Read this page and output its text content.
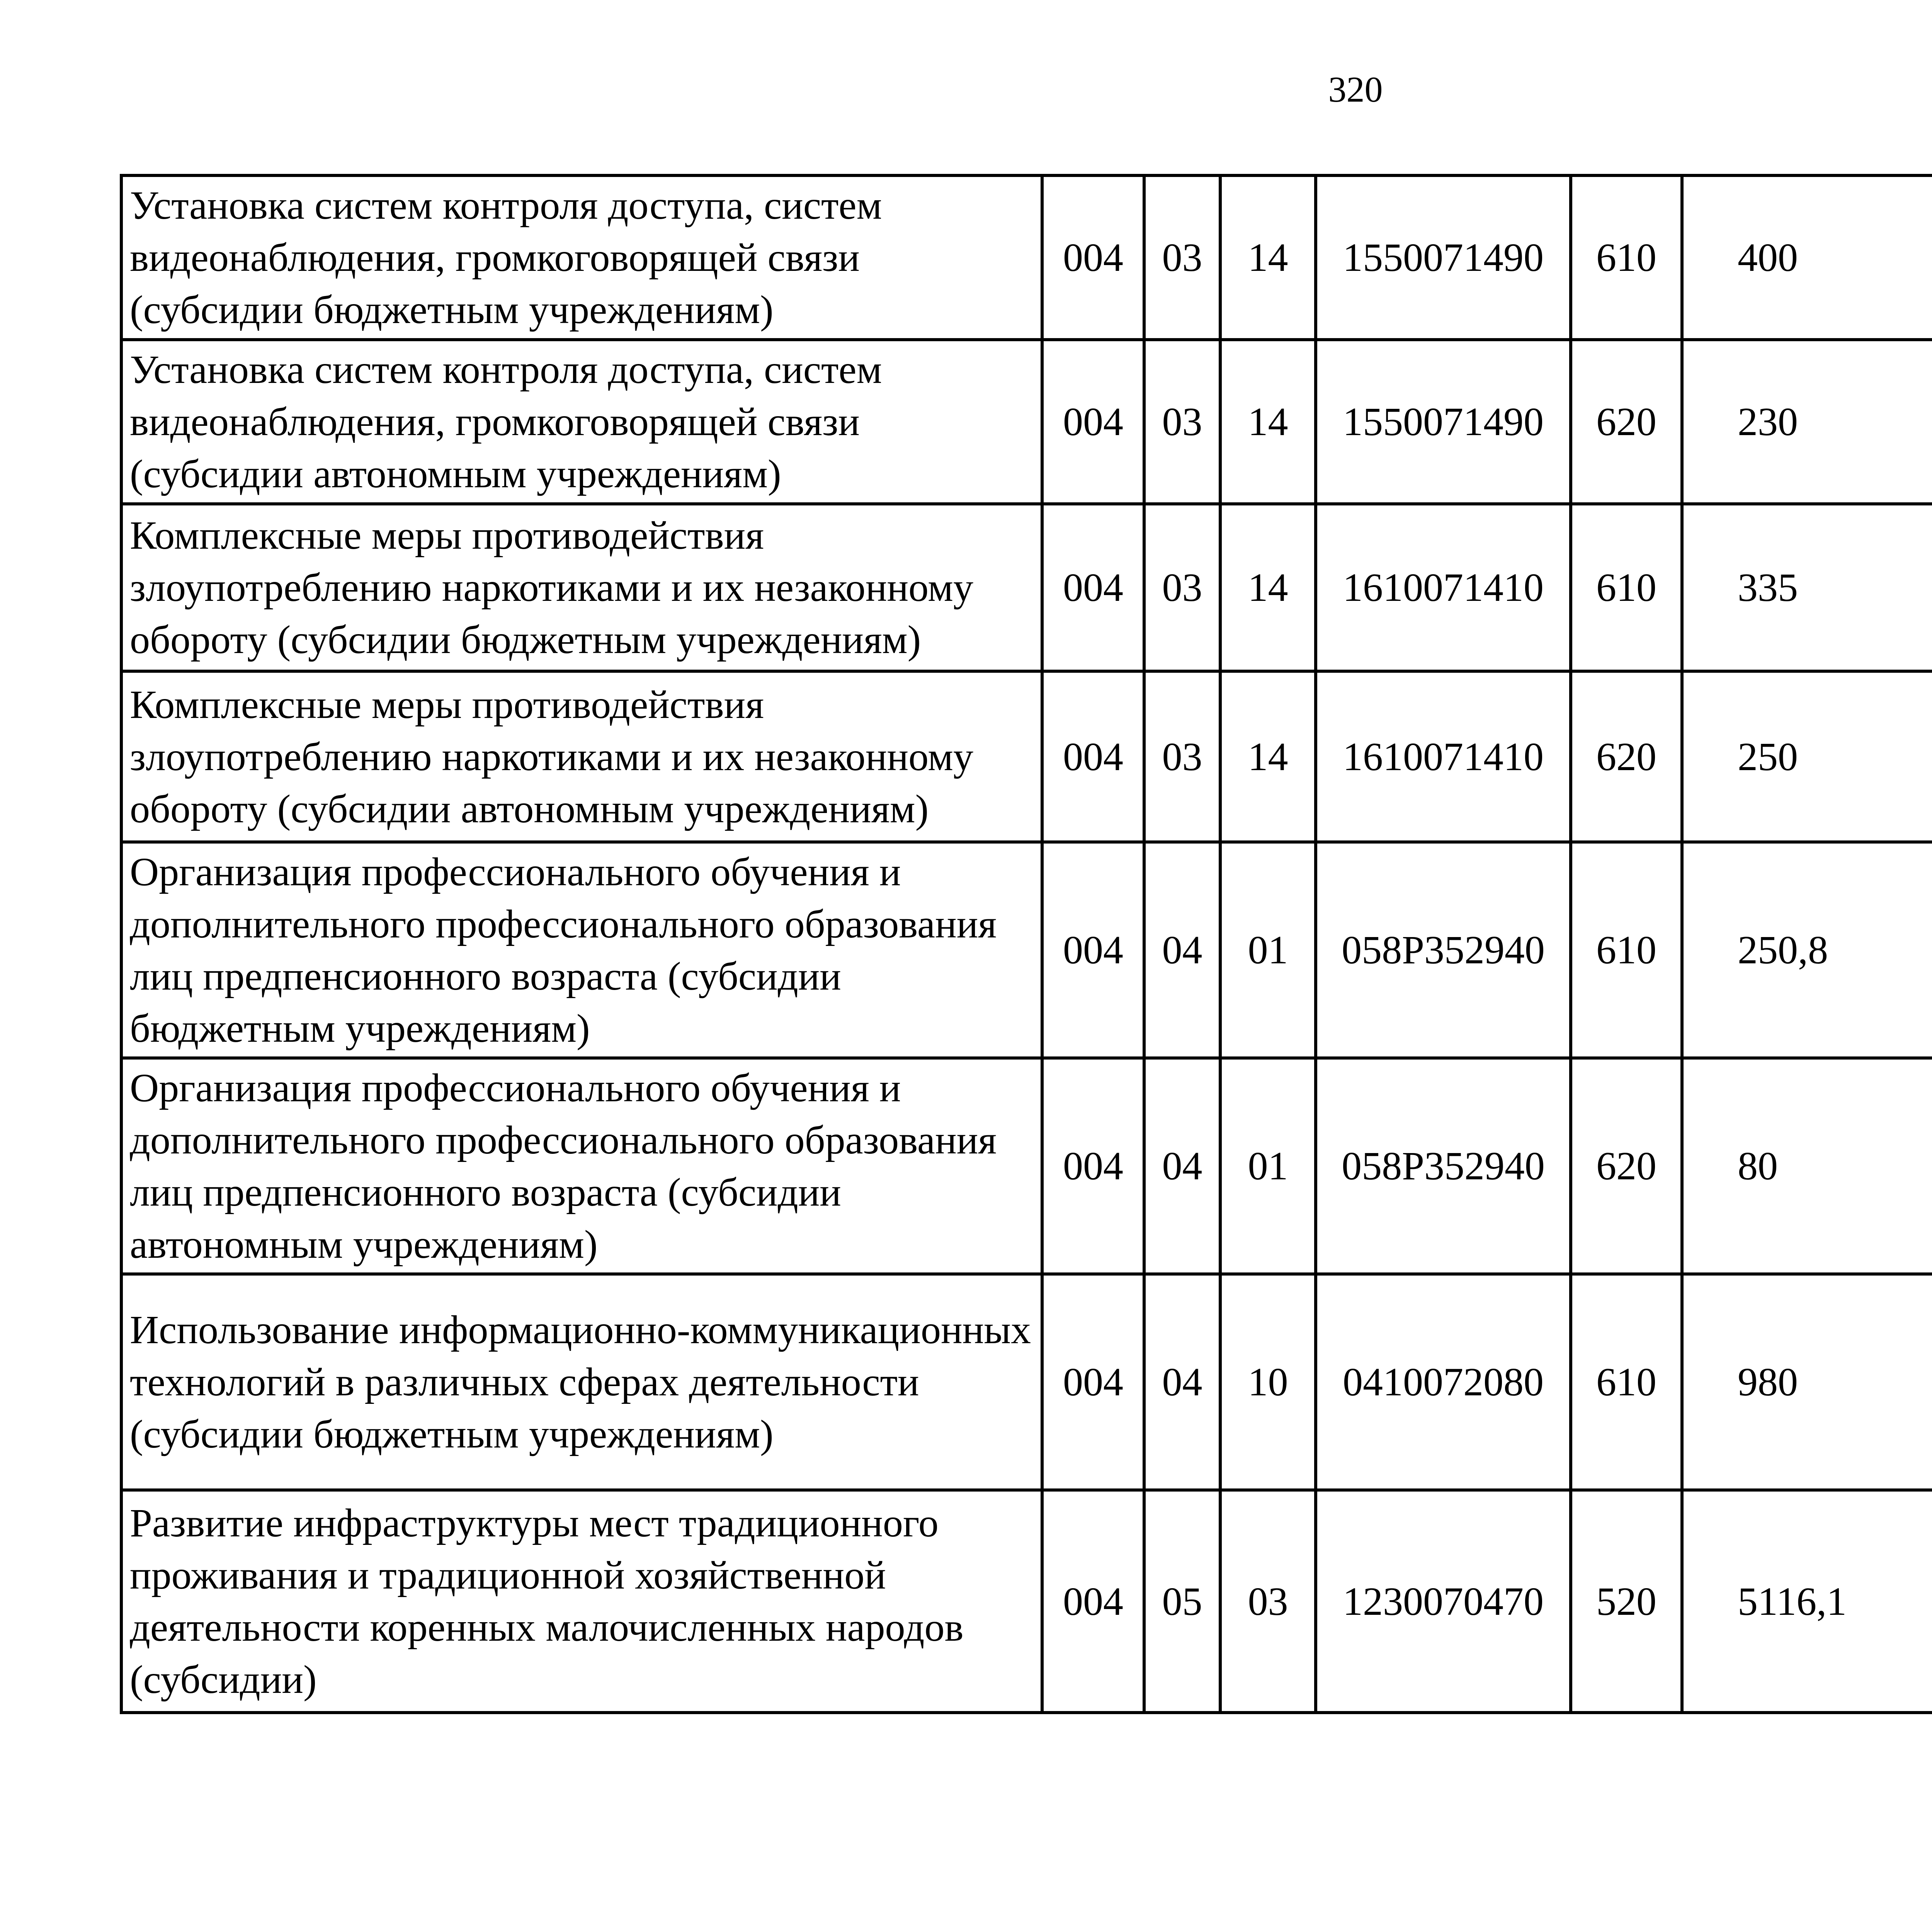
320
Установка систем контроля доступа, систем видеонаблюдения, громкоговорящей связи (субсидии бюджетным учреждениям)	004	03	14	1550071490	610	400		
Установка систем контроля доступа, систем видеонаблюдения, громкоговорящей связи (субсидии автономным учреждениям)	004	03	14	1550071490	620	230		
Комплексные меры противодействия злоупотреблению наркотиками и их незаконному обороту (субсидии бюджетным учреждениям)	004	03	14	1610071410	610	335		
Комплексные меры противодействия злоупотреблению наркотиками и их незаконному обороту (субсидии автономным учреждениям)	004	03	14	1610071410	620	250		
Организация профессионального обучения и дополнительного профессионального образования лиц предпенсионного возраста (субсидии бюджетным учреждениям)	004	04	01	058P352940	610	250,8		
Организация профессионального обучения и дополнительного профессионального образования лиц предпенсионного возраста (субсидии автономным учреждениям)	004	04	01	058P352940	620	80		
Использование информационно-коммуникационных технологий в различных сферах деятельности (субсидии бюджетным учреждениям)	004	04	10	0410072080	610	980		
Развитие инфраструктуры мест традиционного проживания и традиционной хозяйственной деятельности коренных малочисленных народов (субсидии)	004	05	03	1230070470	520	5116,1		
